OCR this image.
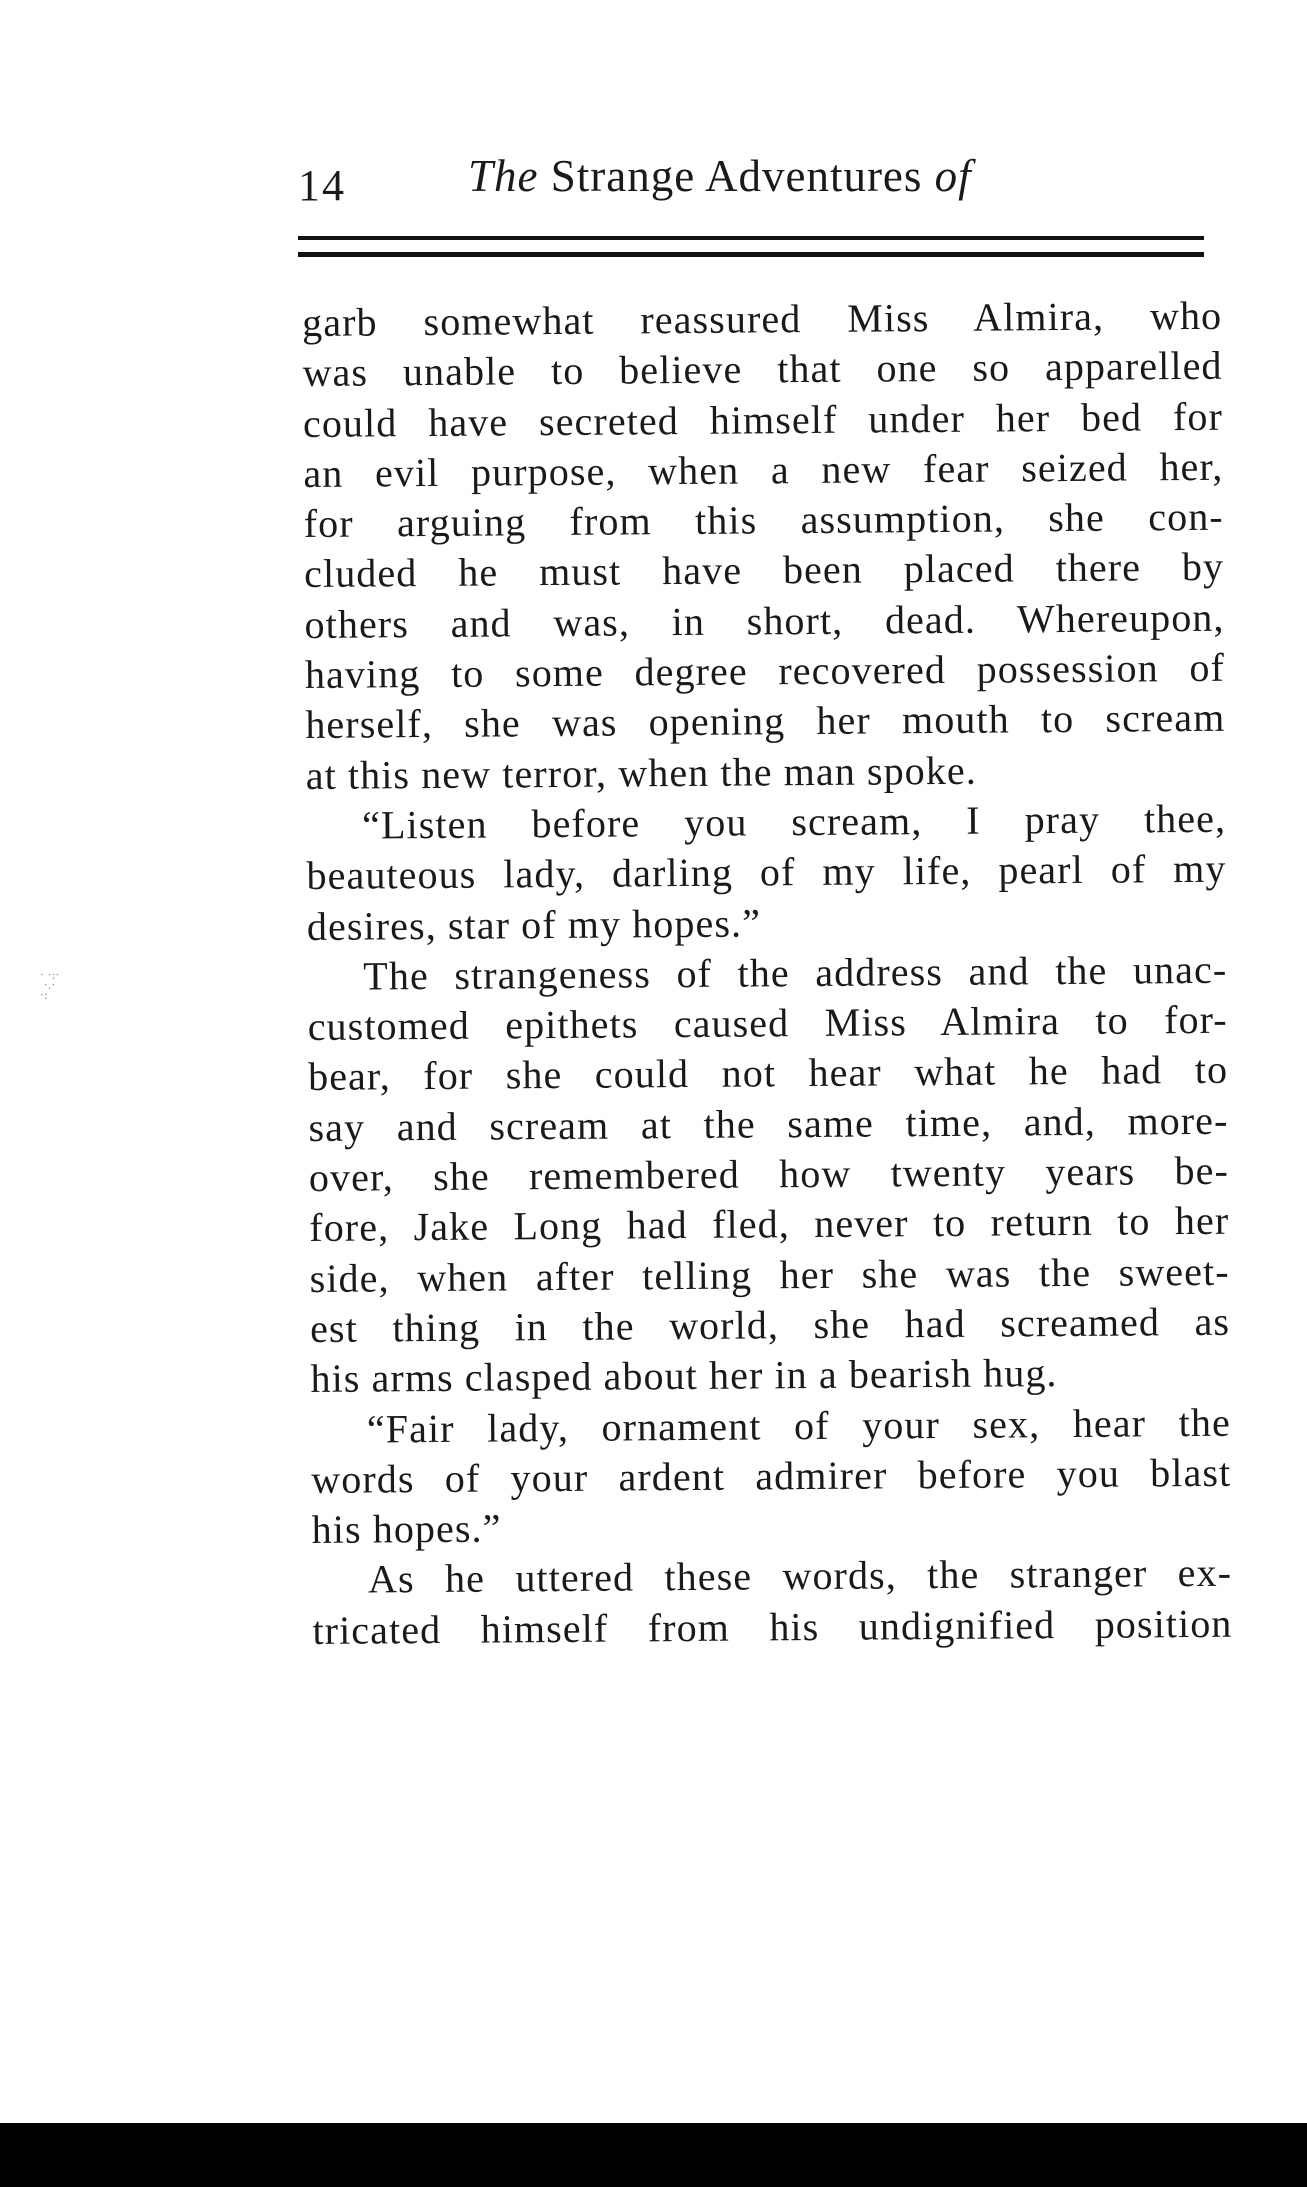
14	The Strange Adventures of

garb somewhat reassured Miss Almira, who
was unable to believe that one so apparelled
could have secreted himself under her bed for
an evil purpose, when a new fear seized her,
for arguing from this assumption, she con-
cluded he must have been placed there by
others and was, in short, dead. Whereupon,
having to some degree recovered possession of
herself, she was opening her mouth to scream

at this new terror, when the man spoke.

“Listen before you scream, I pray thee,

beauteous lady, darling of my life, pearl of my

desires, star of my hopes.”

The strangeness of the address and the unac-

customed epithets caused Miss Almira to for-
bear, for she could not hear what he had to
say and scream at the same time, and, more-
over, she remembered how twenty years be-
fore, Jake Long had fled, never to return to her
side, when after telling her she was the sweet-
est thing in the world, she had screamed as

his arms clasped about her in a bearish hug.

“Fair lady, ornament of your sex, hear the

words of your ardent admirer before you blast

his hopes.”

As he uttered these words, the stranger ex-

tricated himself from his undignified position

· ·:·
·.·
·:
